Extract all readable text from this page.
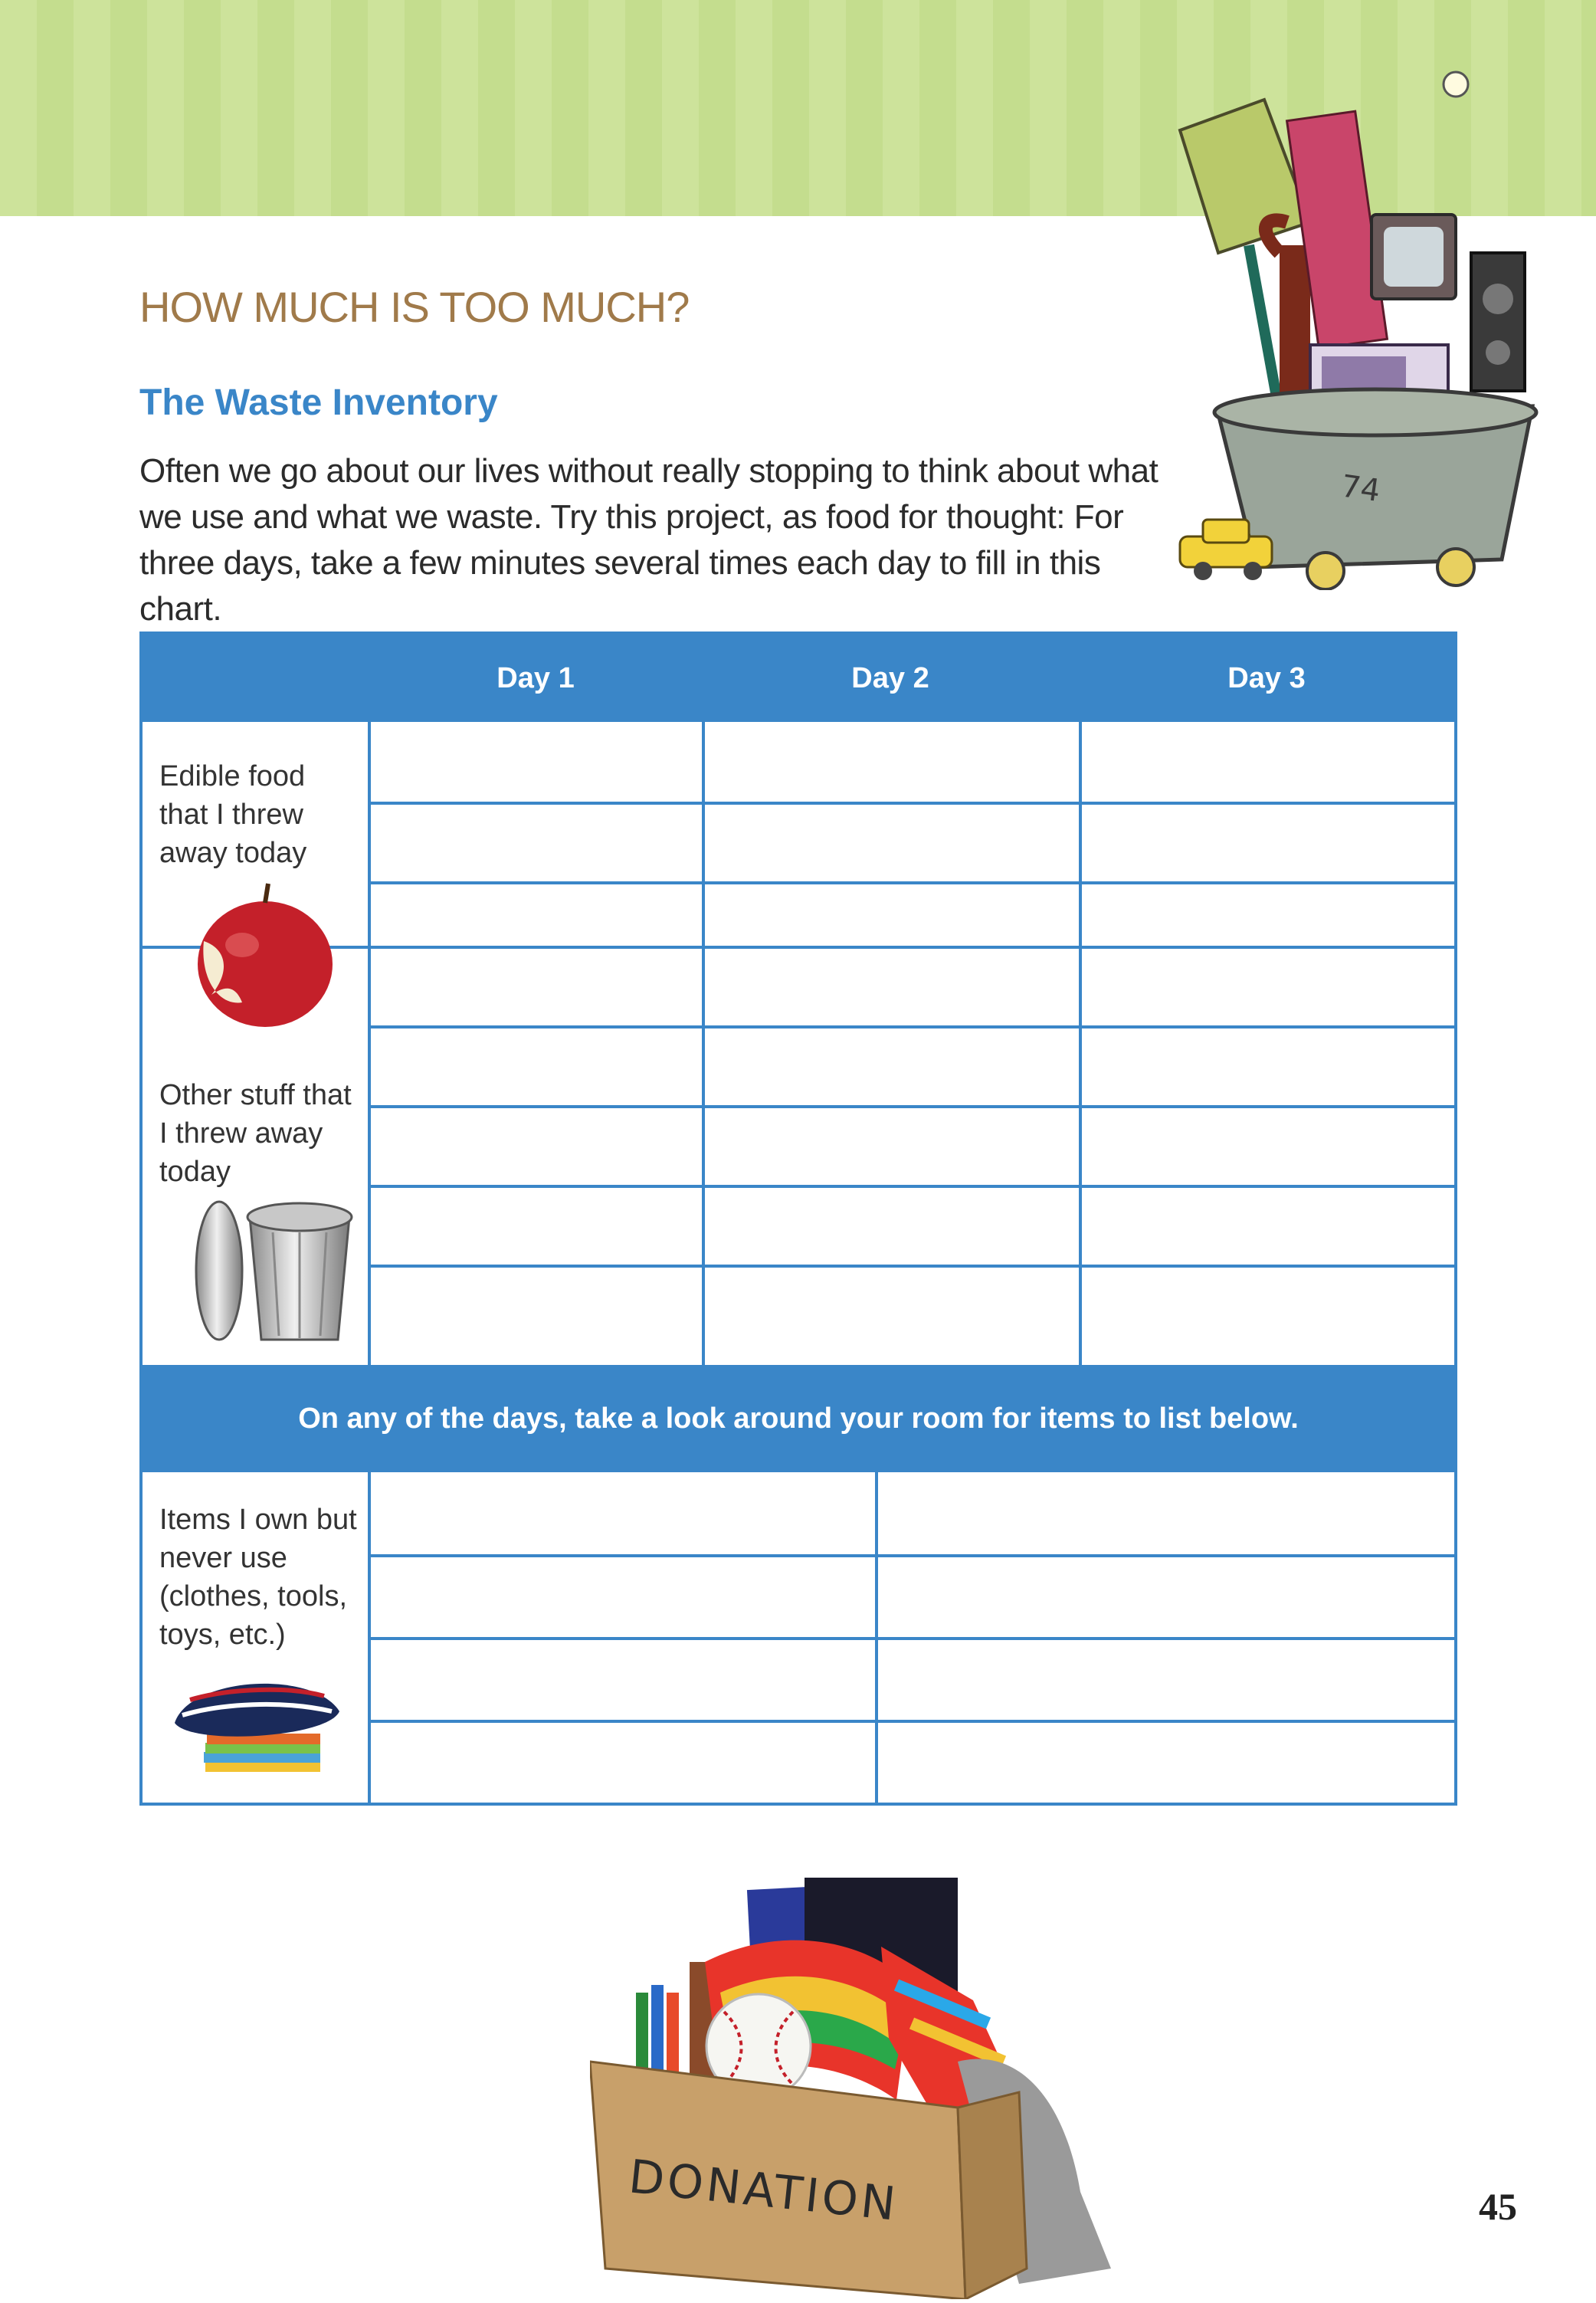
74
HOW MUCH IS TOO MUCH?
The Waste Inventory

Often we go about our lives without really stopping to think about what we use and what we waste. Try this project, as food for thought: For three days, take a few minutes several times each day to fill in this chart.

Day 1	Day 2	Day 3
Edible food that I threw away today
Other stuff that I threw away today
On any of the days, take a look around your room for items to list below.
Items I own but never use (clothes, tools, toys, etc.)
DONATION	45
